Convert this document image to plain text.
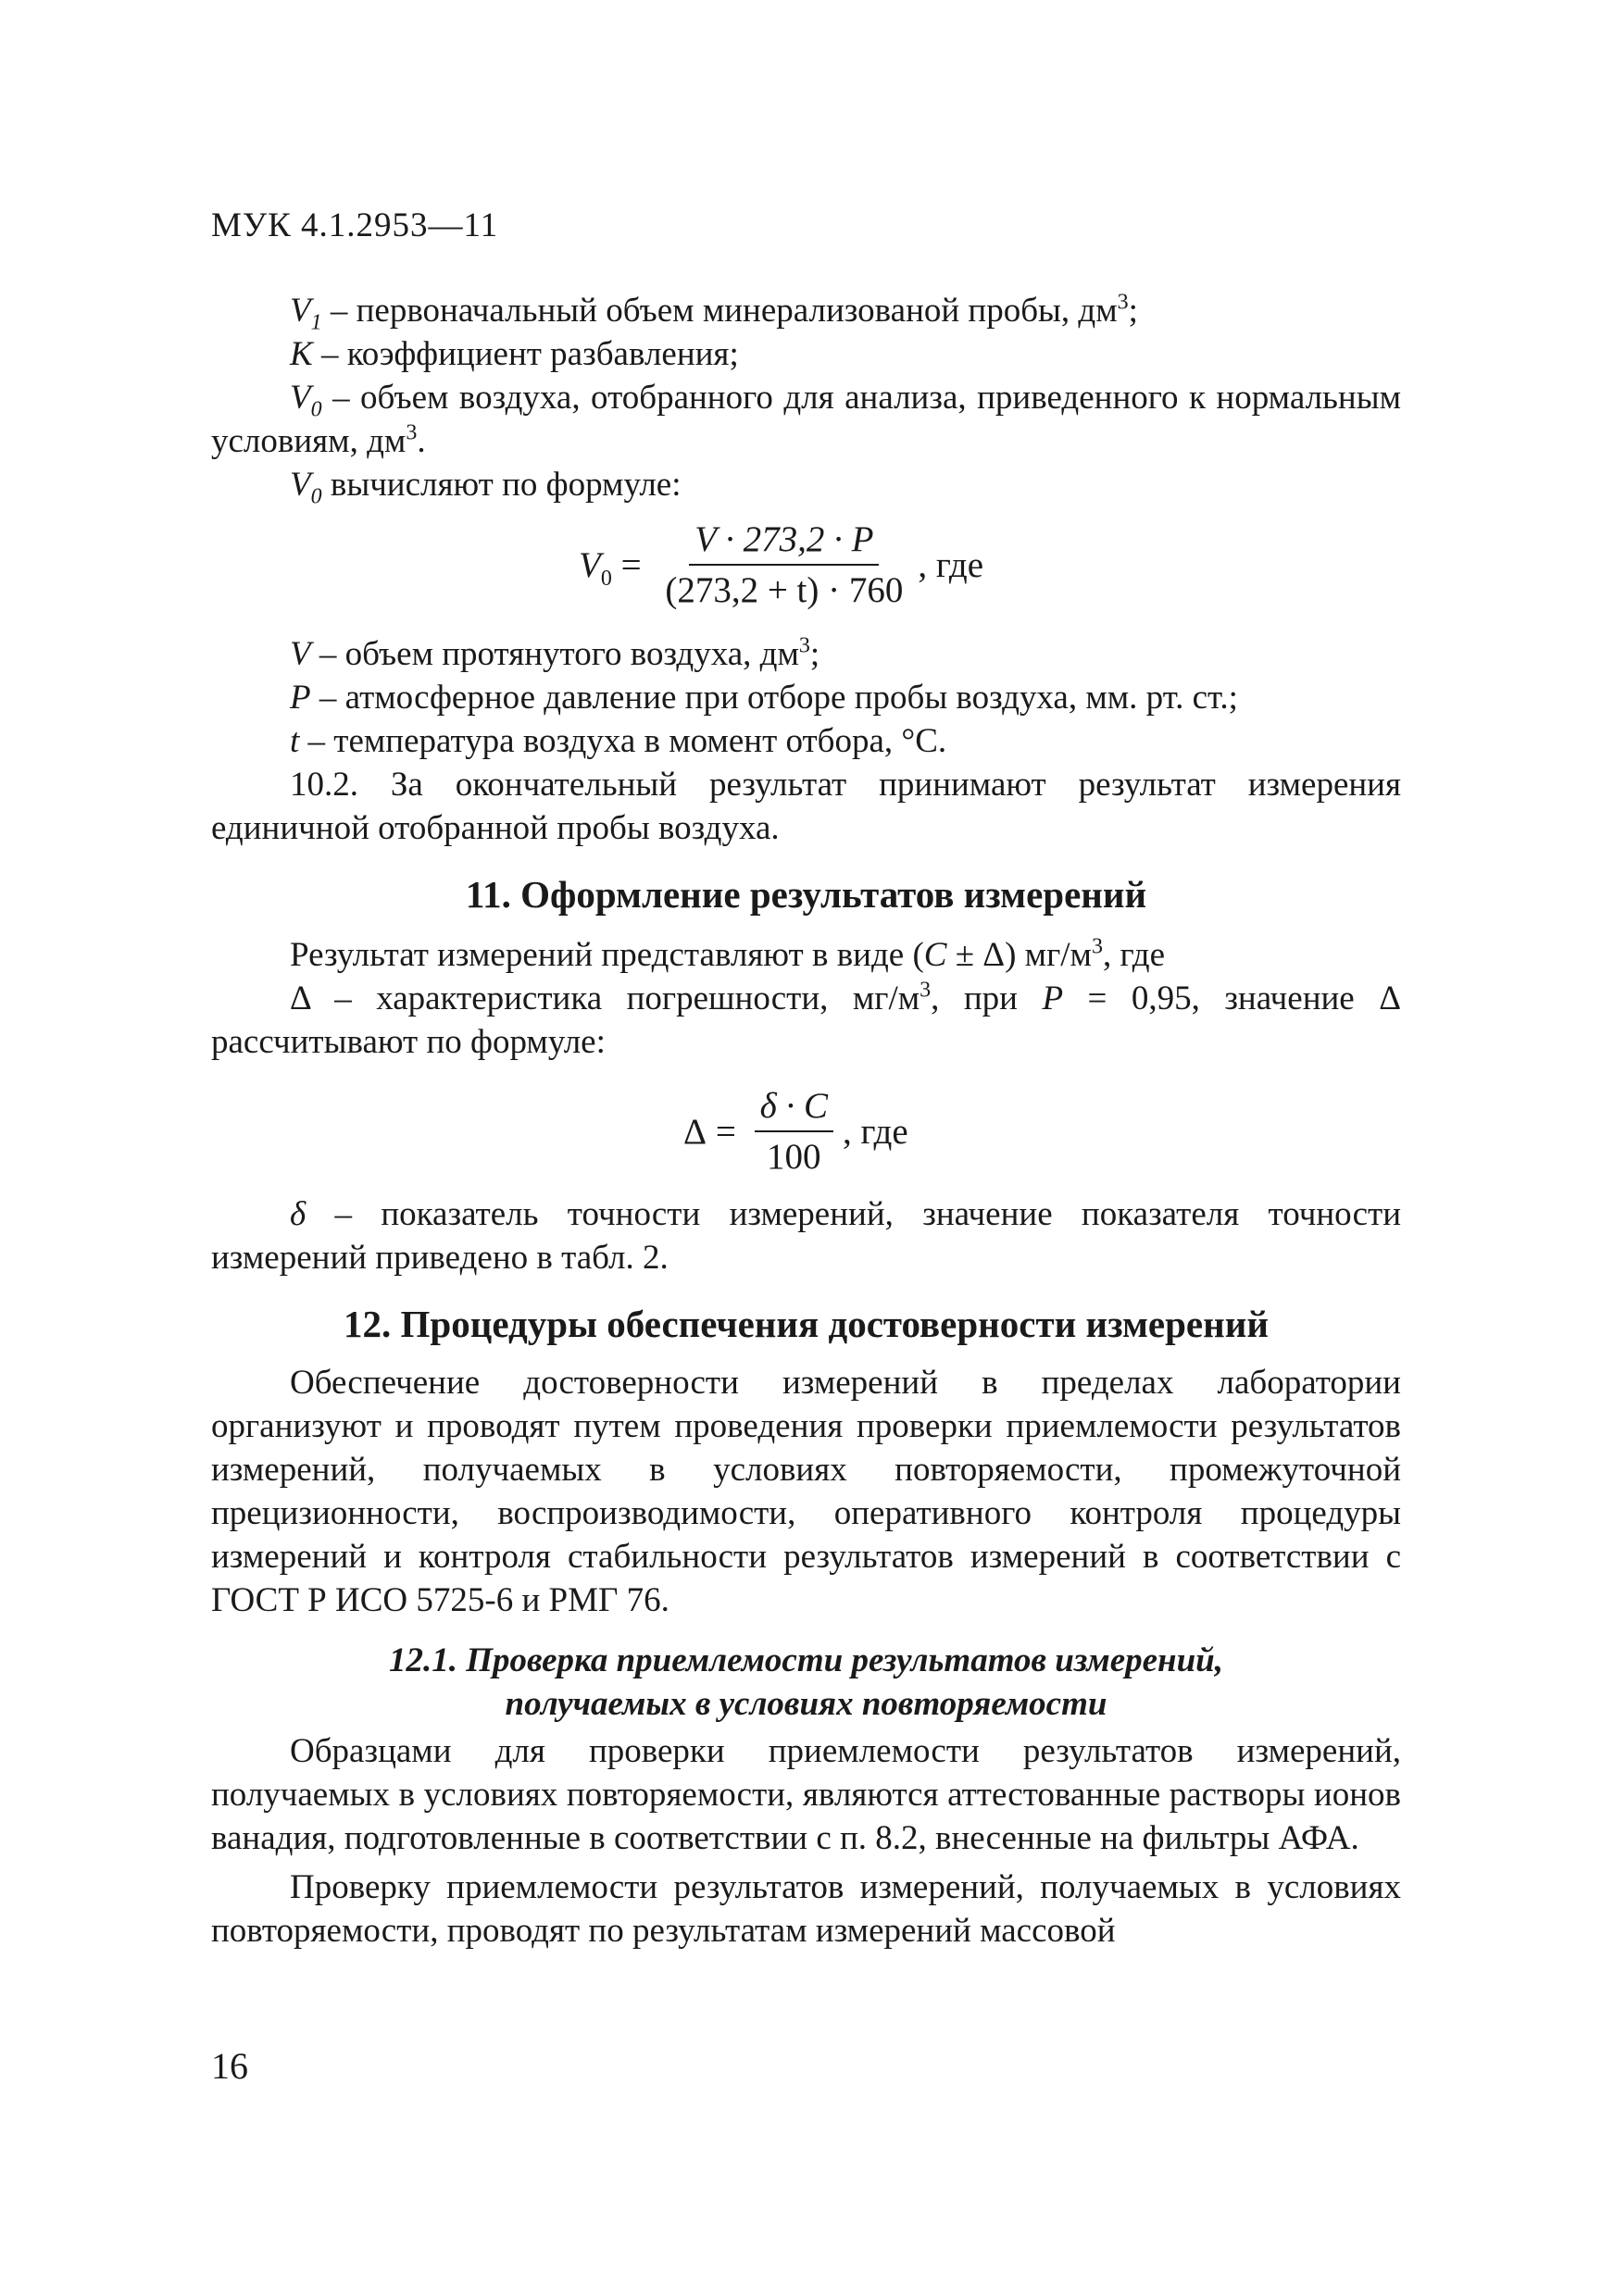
МУК 4.1.2953—11

$V_1$ – первоначальный объем минерализованой пробы, $дм^3$;

K – коэффициент разбавления;

$V_0$ – объем воздуха, отобранного для анализа, приведенного к нормальным условиям, $дм^3$.

$V_0$ вычисляют по формуле:

$V_0 = \frac{V \cdot 273,2 \cdot P}{(273,2 + t) \cdot 760}$ , где

V – объем протянутого воздуха, $дм^3$;

P – атмосферное давление при отборе пробы воздуха, мм. рт. ст.;

t – температура воздуха в момент отбора, °С.

10.2. За окончательный результат принимают результат измерения единичной отобранной пробы воздуха.

11. Оформление результатов измерений

Результат измерений представляют в виде (С ± Δ) $мг/м^3$, где

Δ – характеристика погрешности, $мг/м^3$, при Р = 0,95, значение Δ рассчитывают по формуле:

$\Delta = \frac{\delta \cdot C}{100}$ , где

δ – показатель точности измерений, значение показателя точности измерений приведено в табл. 2.

12. Процедуры обеспечения достоверности измерений

Обеспечение достоверности измерений в пределах лаборатории организуют и проводят путем проведения проверки приемлемости результатов измерений, получаемых в условиях повторяемости, промежуточной прецизионности, воспроизводимости, оперативного контроля процедуры измерений и контроля стабильности результатов измерений в соответствии с ГОСТ Р ИСО 5725-6 и РМГ 76.

12.1. Проверка приемлемости результатов измерений,
получаемых в условиях повторяемости

Образцами для проверки приемлемости результатов измерений, получаемых в условиях повторяемости, являются аттестованные растворы ионов ванадия, подготовленные в соответствии с п. 8.2, внесенные на фильтры АФА.

Проверку приемлемости результатов измерений, получаемых в условиях повторяемости, проводят по результатам измерений массовой

16
